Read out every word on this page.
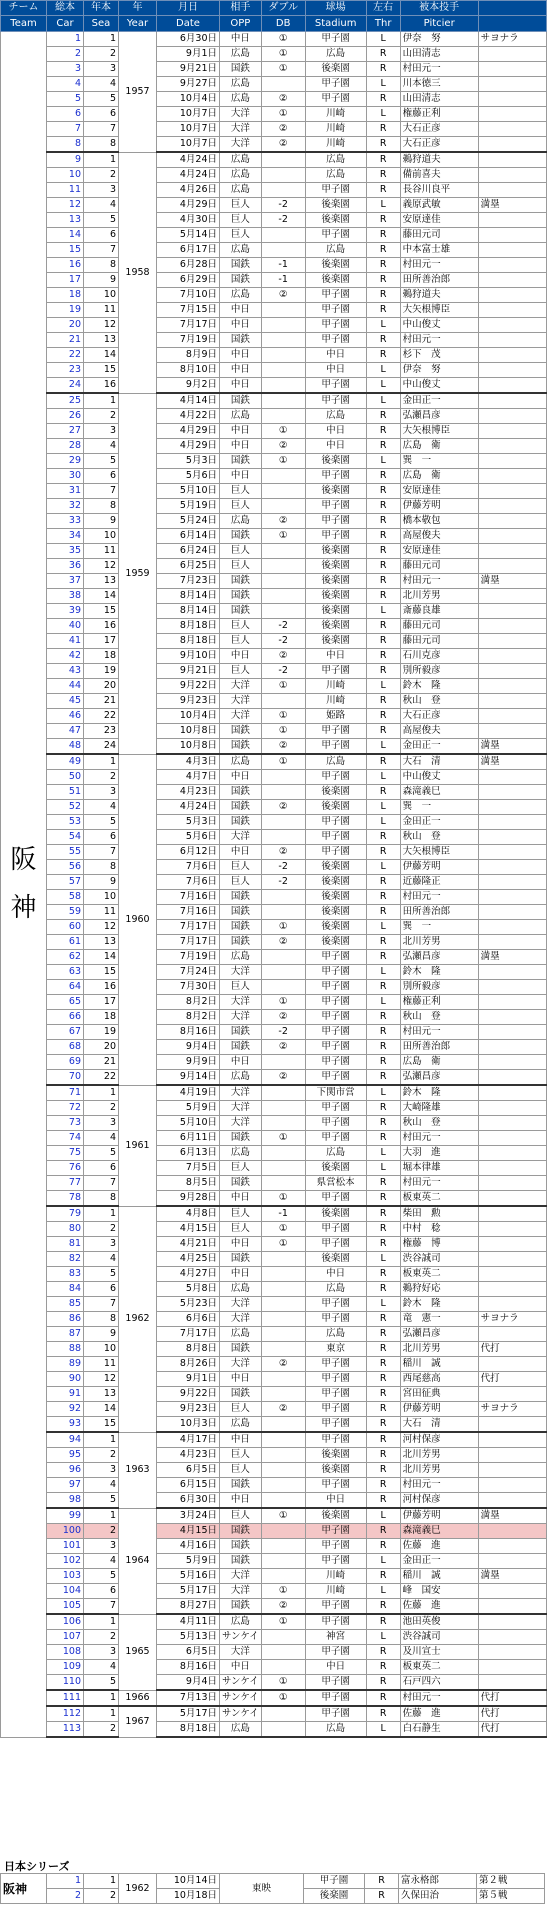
チーム	総本	年本	年	月日	相手	ダブル	球場	左右	被本投手	
Team	Car	Sea	Year	Date	OPP	DB	Stadium	Thr	Pitcier	

阪
神	1	1	1957	6月30日	中日	①	甲子園	L	伊奈　努	サヨナラ
	2	2		9月1日	広島	①	広島	R	山田清志	
	3	3		9月21日	国鉄	①	後楽園	R	村田元一	
	4	4		9月27日	広島		甲子園	L	川本徳三	
	5	5		10月4日	広島	②	甲子園	R	山田清志	
	6	6		10月7日	大洋	①	川崎	L	権藤正利	
	7	7		10月7日	大洋	②	川崎	R	大石正彦	
	8	8		10月7日	大洋	②	川崎	R	大石正彦	
	9	1	1958	4月24日	広島		広島	R	鵜狩道夫	
	10	2		4月24日	広島		広島	R	備前喜夫	
	11	3		4月26日	広島		甲子園	R	長谷川良平	
	12	4		4月29日	巨人	-2	後楽園	L	義原武敏	満塁
	13	5		4月30日	巨人	-2	後楽園	R	安原達佳	
	14	6		5月14日	巨人		甲子園	R	藤田元司	
	15	7		6月17日	広島		広島	R	中本富士雄	
	16	8		6月28日	国鉄	-1	後楽園	R	村田元一	
	17	9		6月29日	国鉄	-1	後楽園	R	田所善治郎	
	18	10		7月10日	広島	②	甲子園	R	鵜狩道夫	
	19	11		7月15日	中日		甲子園	R	大矢根博臣	
	20	12		7月17日	中日		甲子園	L	中山俊丈	
	21	13		7月19日	国鉄		甲子園	R	村田元一	
	22	14		8月9日	中日		中日	R	杉下　茂	
	23	15		8月10日	中日		中日	L	伊奈　努	
	24	16		9月2日	中日		甲子園	L	中山俊丈	
	25	1	1959	4月14日	国鉄		甲子園	L	金田正一	
	26	2		4月22日	広島		広島	R	弘瀬昌彦	
	27	3		4月29日	中日	①	中日	R	大矢根博臣	
	28	4		4月29日	中日	②	中日	R	広島　衛	
	29	5		5月3日	国鉄	①	後楽園	L	巽　一	
	30	6		5月6日	中日		甲子園	R	広島　衛	
	31	7		5月10日	巨人		後楽園	R	安原達佳	
	32	8		5月19日	巨人		甲子園	R	伊藤芳明	
	33	9		5月24日	広島	②	甲子園	R	橋本敬包	
	34	10		6月14日	国鉄	①	甲子園	R	高屋俊夫	
	35	11		6月24日	巨人		後楽園	R	安原達佳	
	36	12		6月25日	巨人		後楽園	R	藤田元司	
	37	13		7月23日	国鉄		後楽園	R	村田元一	満塁
	38	14		8月14日	国鉄		後楽園	R	北川芳男	
	39	15		8月14日	国鉄		後楽園	L	斎藤良雄	
	40	16		8月18日	巨人	-2	後楽園	R	藤田元司	
	41	17		8月18日	巨人	-2	後楽園	R	藤田元司	
	42	18		9月10日	中日	②	中日	R	石川克彦	
	43	19		9月21日	巨人	-2	甲子園	R	別所毅彦	
	44	20		9月22日	大洋	①	川崎	L	鈴木　隆	
	45	21		9月23日	大洋		川崎	R	秋山　登	
	46	22		10月4日	大洋	①	姫路	R	大石正彦	
	47	23		10月8日	国鉄	①	甲子園	R	高屋俊夫	
	48	24		10月8日	国鉄	②	甲子園	L	金田正一	満塁
	49	1	1960	4月3日	広島	①	広島	R	大石　清	満塁
	50	2		4月7日	中日		甲子園	L	中山俊丈	
	51	3		4月23日	国鉄		後楽園	R	森滝義巳	
	52	4		4月24日	国鉄	②	後楽園	L	巽　一	
	53	5		5月3日	国鉄		甲子園	L	金田正一	
	54	6		5月6日	大洋		甲子園	R	秋山　登	
	55	7		6月12日	中日	②	甲子園	R	大矢根博臣	
	56	8		7月6日	巨人	-2	後楽園	L	伊藤芳明	
	57	9		7月6日	巨人	-2	後楽園	R	近藤隆正	
	58	10		7月16日	国鉄		後楽園	R	村田元一	
	59	11		7月16日	国鉄		後楽園	R	田所善治郎	
	60	12		7月17日	国鉄	①	後楽園	L	巽　一	
	61	13		7月17日	国鉄	②	後楽園	R	北川芳男	
	62	14		7月19日	広島		甲子園	R	弘瀬昌彦	満塁
	63	15		7月24日	大洋		甲子園	L	鈴木　隆	
	64	16		7月30日	巨人		甲子園	R	別所毅彦	
	65	17		8月2日	大洋	①	甲子園	L	権藤正利	
	66	18		8月2日	大洋	②	甲子園	R	秋山　登	
	67	19		8月16日	国鉄	-2	甲子園	R	村田元一	
	68	20		9月4日	国鉄	②	甲子園	R	田所善治郎	
	69	21		9月9日	中日		甲子園	R	広島　衛	
	70	22		9月14日	広島	②	甲子園	R	弘瀬昌彦	
	71	1	1961	4月19日	大洋		下関市営	L	鈴木　隆	
	72	2		5月9日	大洋		甲子園	R	大崎隆雄	
	73	3		5月10日	大洋		甲子園	R	秋山　登	
	74	4		6月11日	国鉄	①	甲子園	R	村田元一	
	75	5		6月13日	広島		広島	L	大羽　進	
	76	6		7月5日	巨人		後楽園	L	堀本律雄	
	77	7		8月5日	国鉄		県営松本	R	村田元一	
	78	8		9月28日	中日	①	甲子園	R	板東英二	
	79	1	1962	4月8日	巨人	-1	後楽園	R	柴田　勲	
	80	2		4月15日	巨人	①	甲子園	R	中村　稔	
	81	3		4月21日	中日	①	甲子園	R	権藤　博	
	82	4		4月25日	国鉄		後楽園	L	渋谷誠司	
	83	5		4月27日	中日		中日	R	板東英二	
	84	6		5月8日	広島		広島	R	鵜狩好応	
	85	7		5月23日	大洋		甲子園	L	鈴木　隆	
	86	8		6月6日	大洋		甲子園	R	竜　憲一	サヨナラ
	87	9		7月17日	広島		広島	R	弘瀬昌彦	
	88	10		8月8日	国鉄		東京	R	北川芳男	代打
	89	11		8月26日	大洋	②	甲子園	R	稲川　誠	
	90	12		9月1日	中日		甲子園	R	西尾慈高	代打
	91	13		9月22日	国鉄		甲子園	R	宮田征典	
	92	14		9月23日	巨人	②	甲子園	R	伊藤芳明	サヨナラ
	93	15		10月3日	広島		甲子園	R	大石　清	
	94	1	1963	4月17日	中日		甲子園	R	河村保彦	
	95	2		4月23日	巨人		後楽園	R	北川芳男	
	96	3		6月5日	巨人		後楽園	R	北川芳男	
	97	4		6月15日	国鉄		甲子園	R	村田元一	
	98	5		6月30日	中日		中日	R	河村保彦	
	99	1	1964	3月24日	巨人	①	後楽園	L	伊藤芳明	満塁
	100	2		4月15日	国鉄		甲子園	R	森滝義巳	
	101	3		4月16日	国鉄		甲子園	R	佐藤　進	
	102	4		5月9日	国鉄		甲子園	L	金田正一	
	103	5		5月16日	大洋		川崎	R	稲川　誠	満塁
	104	6		5月17日	大洋	①	川崎	L	峰　国安	
	105	7		8月27日	国鉄	②	甲子園	R	佐藤　進	
	106	1	1965	4月11日	広島	①	甲子園	R	池田英俊	
	107	2		5月13日	サンケイ		神宮	L	渋谷誠司	
	108	3		6月5日	大洋		甲子園	R	及川宣士	
	109	4		8月16日	中日		中日	R	板東英二	
	110	5		9月4日	サンケイ	①	甲子園	R	石戸四六	
	111	1	1966	7月13日	サンケイ	①	甲子園	R	村田元一	代打
	112	1	1967	5月17日	サンケイ		甲子園	R	佐藤　進	代打
	113	2		8月18日	広島		広島	L	白石静生	代打
日本シリーズ
阪神	1	1	1962	10月14日	東映	甲子園	R	富永格郎	第２戦
	2	2		10月18日		後楽園	R	久保田治	第５戦
